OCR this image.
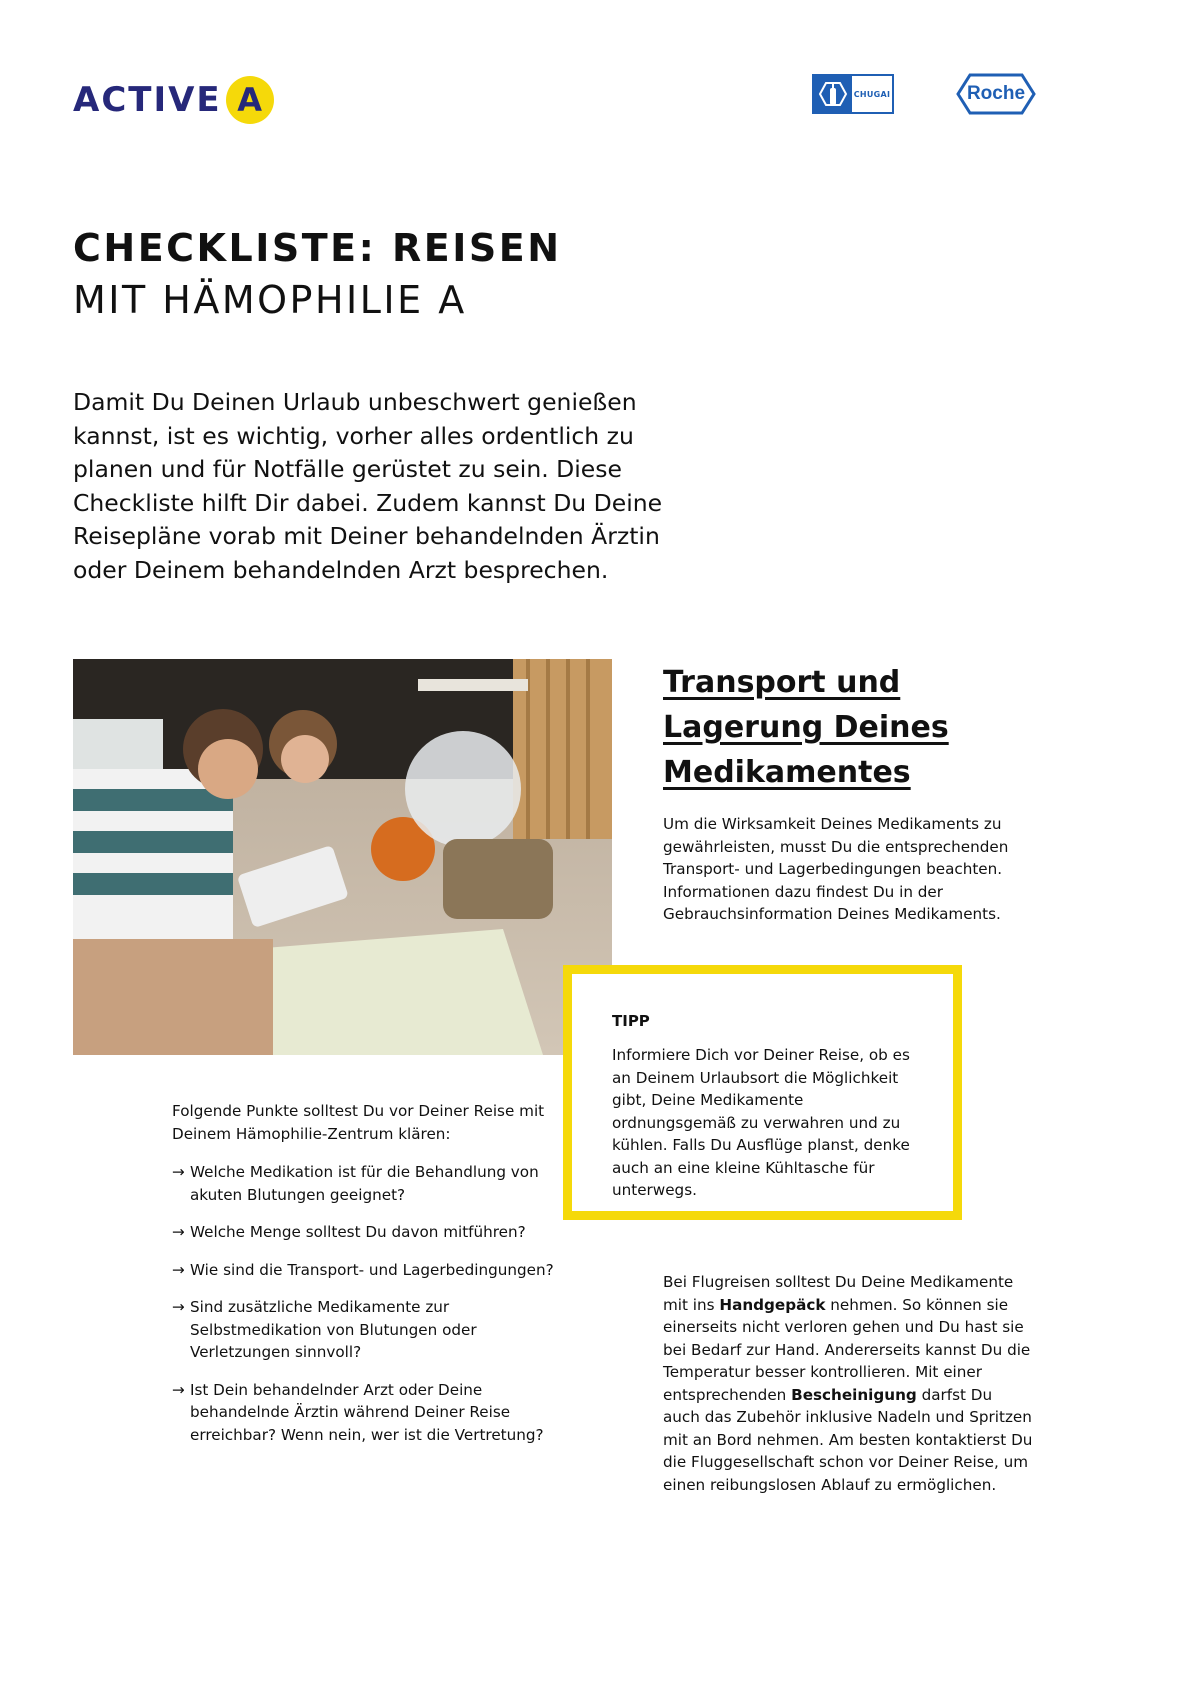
ACTIVE A	CHUGAI	Roche
CHECKLISTE: REISEN
MIT HÄMOPHILIE A
Damit Du Deinen Urlaub unbeschwert genießen kannst, ist es wichtig, vorher alles ordentlich zu planen und für Notfälle gerüstet zu sein. Diese Checkliste hilft Dir dabei. Zudem kannst Du Deine Reisepläne vorab mit Deiner behandelnden Ärztin oder Deinem behandelnden Arzt besprechen.
Transport und Lagerung Deines Medikamentes
Um die Wirksamkeit Deines Medikaments zu gewährleisten, musst Du die entsprechenden Transport- und Lagerbedingungen beachten. Informationen dazu findest Du in der Gebrauchsinformation Deines Medikaments.
TIPP
Informiere Dich vor Deiner Reise, ob es an Deinem Urlaubsort die Möglichkeit gibt, Deine Medikamente ordnungsgemäß zu verwahren und zu kühlen. Falls Du Ausflüge planst, denke auch an eine kleine Kühltasche für unterwegs.
Folgende Punkte solltest Du vor Deiner Reise mit Deinem Hämophilie-Zentrum klären:
→ Welche Medikation ist für die Behandlung von akuten Blutungen geeignet?
→ Welche Menge solltest Du davon mitführen?
→ Wie sind die Transport- und Lagerbedingungen?
→ Sind zusätzliche Medikamente zur Selbstmedikation von Blutungen oder Verletzungen sinnvoll?
→ Ist Dein behandelnder Arzt oder Deine behandelnde Ärztin während Deiner Reise erreichbar? Wenn nein, wer ist die Vertretung?
Bei Flugreisen solltest Du Deine Medikamente mit ins Handgepäck nehmen. So können sie einerseits nicht verloren gehen und Du hast sie bei Bedarf zur Hand. Andererseits kannst Du die Temperatur besser kontrollieren. Mit einer entsprechenden Bescheinigung darfst Du auch das Zubehör inklusive Nadeln und Spritzen mit an Bord nehmen. Am besten kontaktierst Du die Fluggesellschaft schon vor Deiner Reise, um einen reibungslosen Ablauf zu ermöglichen.
